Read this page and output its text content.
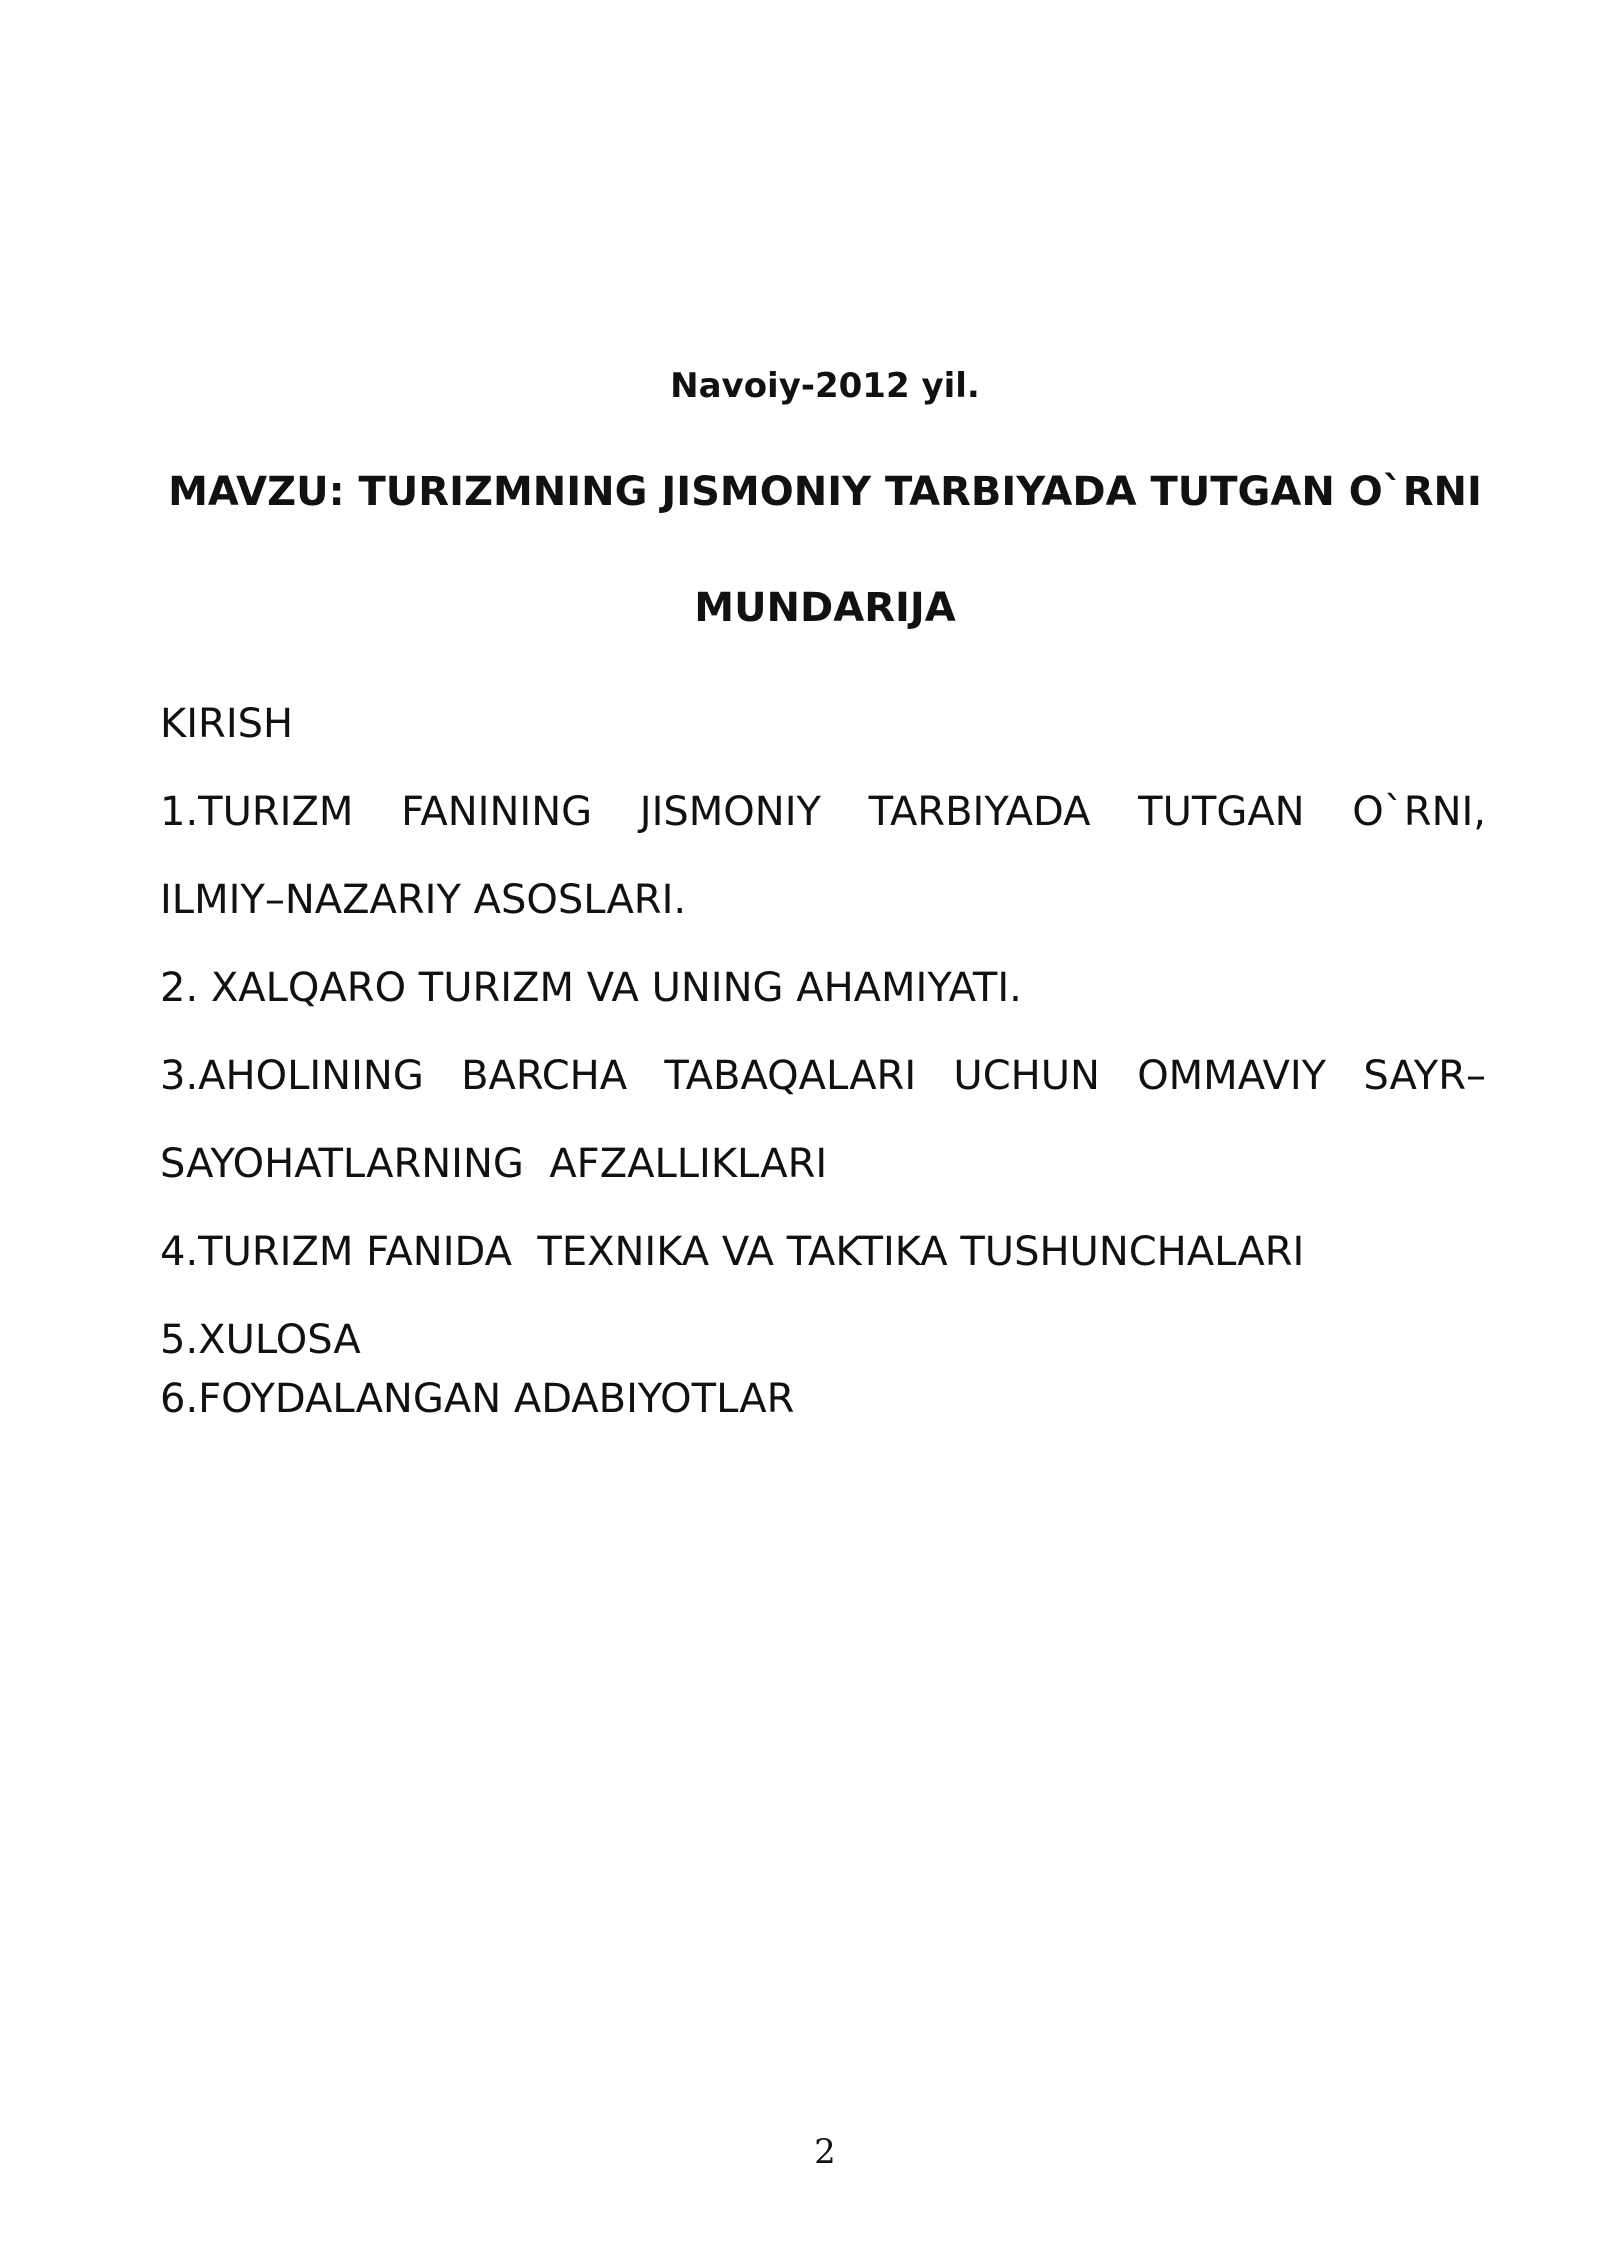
Navoiy-2012 yil.

MAVZU: TURIZMNING JISMONIY TARBIYADA TUTGAN O`RNI
MUNDARIJA
KIRISH
1.TURIZM FANINING JISMONIY TARBIYADA TUTGAN O`RNI,
ILMIY–NAZARIY ASOSLARI.
2. XALQARO TURIZM VA UNING AHAMIYATI.
3.AHOLINING BARCHA TABAQALARI UCHUN OMMAVIY SAYR–
SAYOHATLARNING  AFZALLIKLARI
4.TURIZM FANIDA  TEXNIKA VA TAKTIKA TUSHUNCHALARI
5.XULOSA
6.FOYDALANGAN ADABIYOTLAR

2
